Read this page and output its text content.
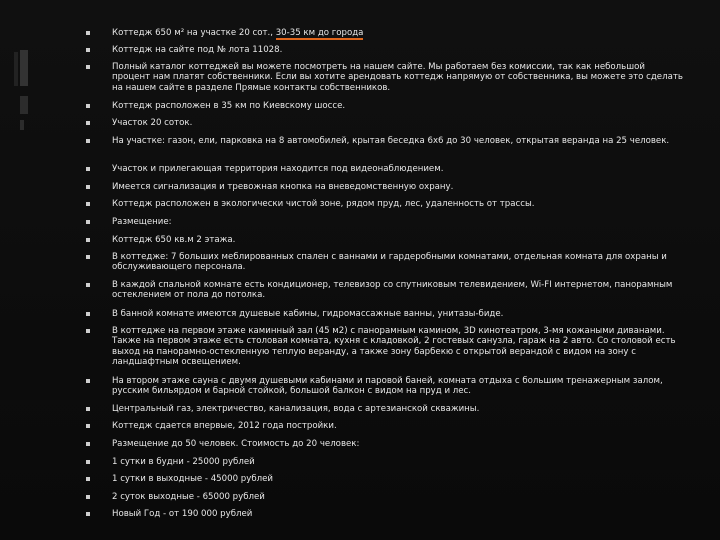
Коттедж 650 м² на участке 20 сот., 30-35 км до города
Коттедж на сайте под № лота 11028.
Полный каталог коттеджей вы можете посмотреть на нашем сайте. Мы работаем без комиссии, так как небольшой процент нам платят собственники. Если вы хотите арендовать коттедж напрямую от собственника, вы можете это сделать на нашем сайте в разделе Прямые контакты собственников.
Коттедж расположен в 35 км по Киевскому шоссе.
Участок 20 соток.
На участке: газон, ели, парковка на 8 автомобилей, крытая беседка 6х6 до 30 человек, открытая веранда на 25 человек.
Участок и прилегающая территория находится под видеонаблюдением.
Имеется сигнализация и тревожная кнопка на вневедомственную охрану.
Коттедж расположен в экологически чистой зоне, рядом пруд, лес, удаленность от трассы.
Размещение:
Коттедж 650 кв.м 2 этажа.
В коттедже: 7 больших меблированных спален с ваннами и гардеробными комнатами, отдельная комната для охраны и обслуживающего персонала.
В каждой спальной комнате есть кондиционер, телевизор со спутниковым телевидением, Wi-FI интернетом, панорамным остеклением от пола до потолка.
В банной комнате имеются душевые кабины, гидромассажные ванны, унитазы-биде.
В коттедже на первом этаже каминный зал (45 м2) с панорамным камином, 3D кинотеатром, 3-мя кожаными диванами. Также на первом этаже есть столовая комната, кухня с кладовкой, 2 гостевых санузла, гараж на 2 авто. Со столовой есть выход на панорамно-остекленную теплую веранду, а также зону барбекю с открытой верандой с видом на зону с ландшафтным освещением.
На втором этаже сауна с двумя душевыми кабинами и паровой баней, комната отдыха с большим тренажерным залом, русским бильярдом и барной стойкой, большой балкон с видом на пруд и лес.
Центральный газ, электричество, канализация, вода с артезианской скважины.
Коттедж сдается впервые, 2012 года постройки.
Размещение до 50 человек. Стоимость до 20 человек:
1 сутки в будни - 25000 рублей
1 сутки в выходные - 45000 рублей
2 суток выходные - 65000 рублей
Новый Год - от 190 000 рублей
